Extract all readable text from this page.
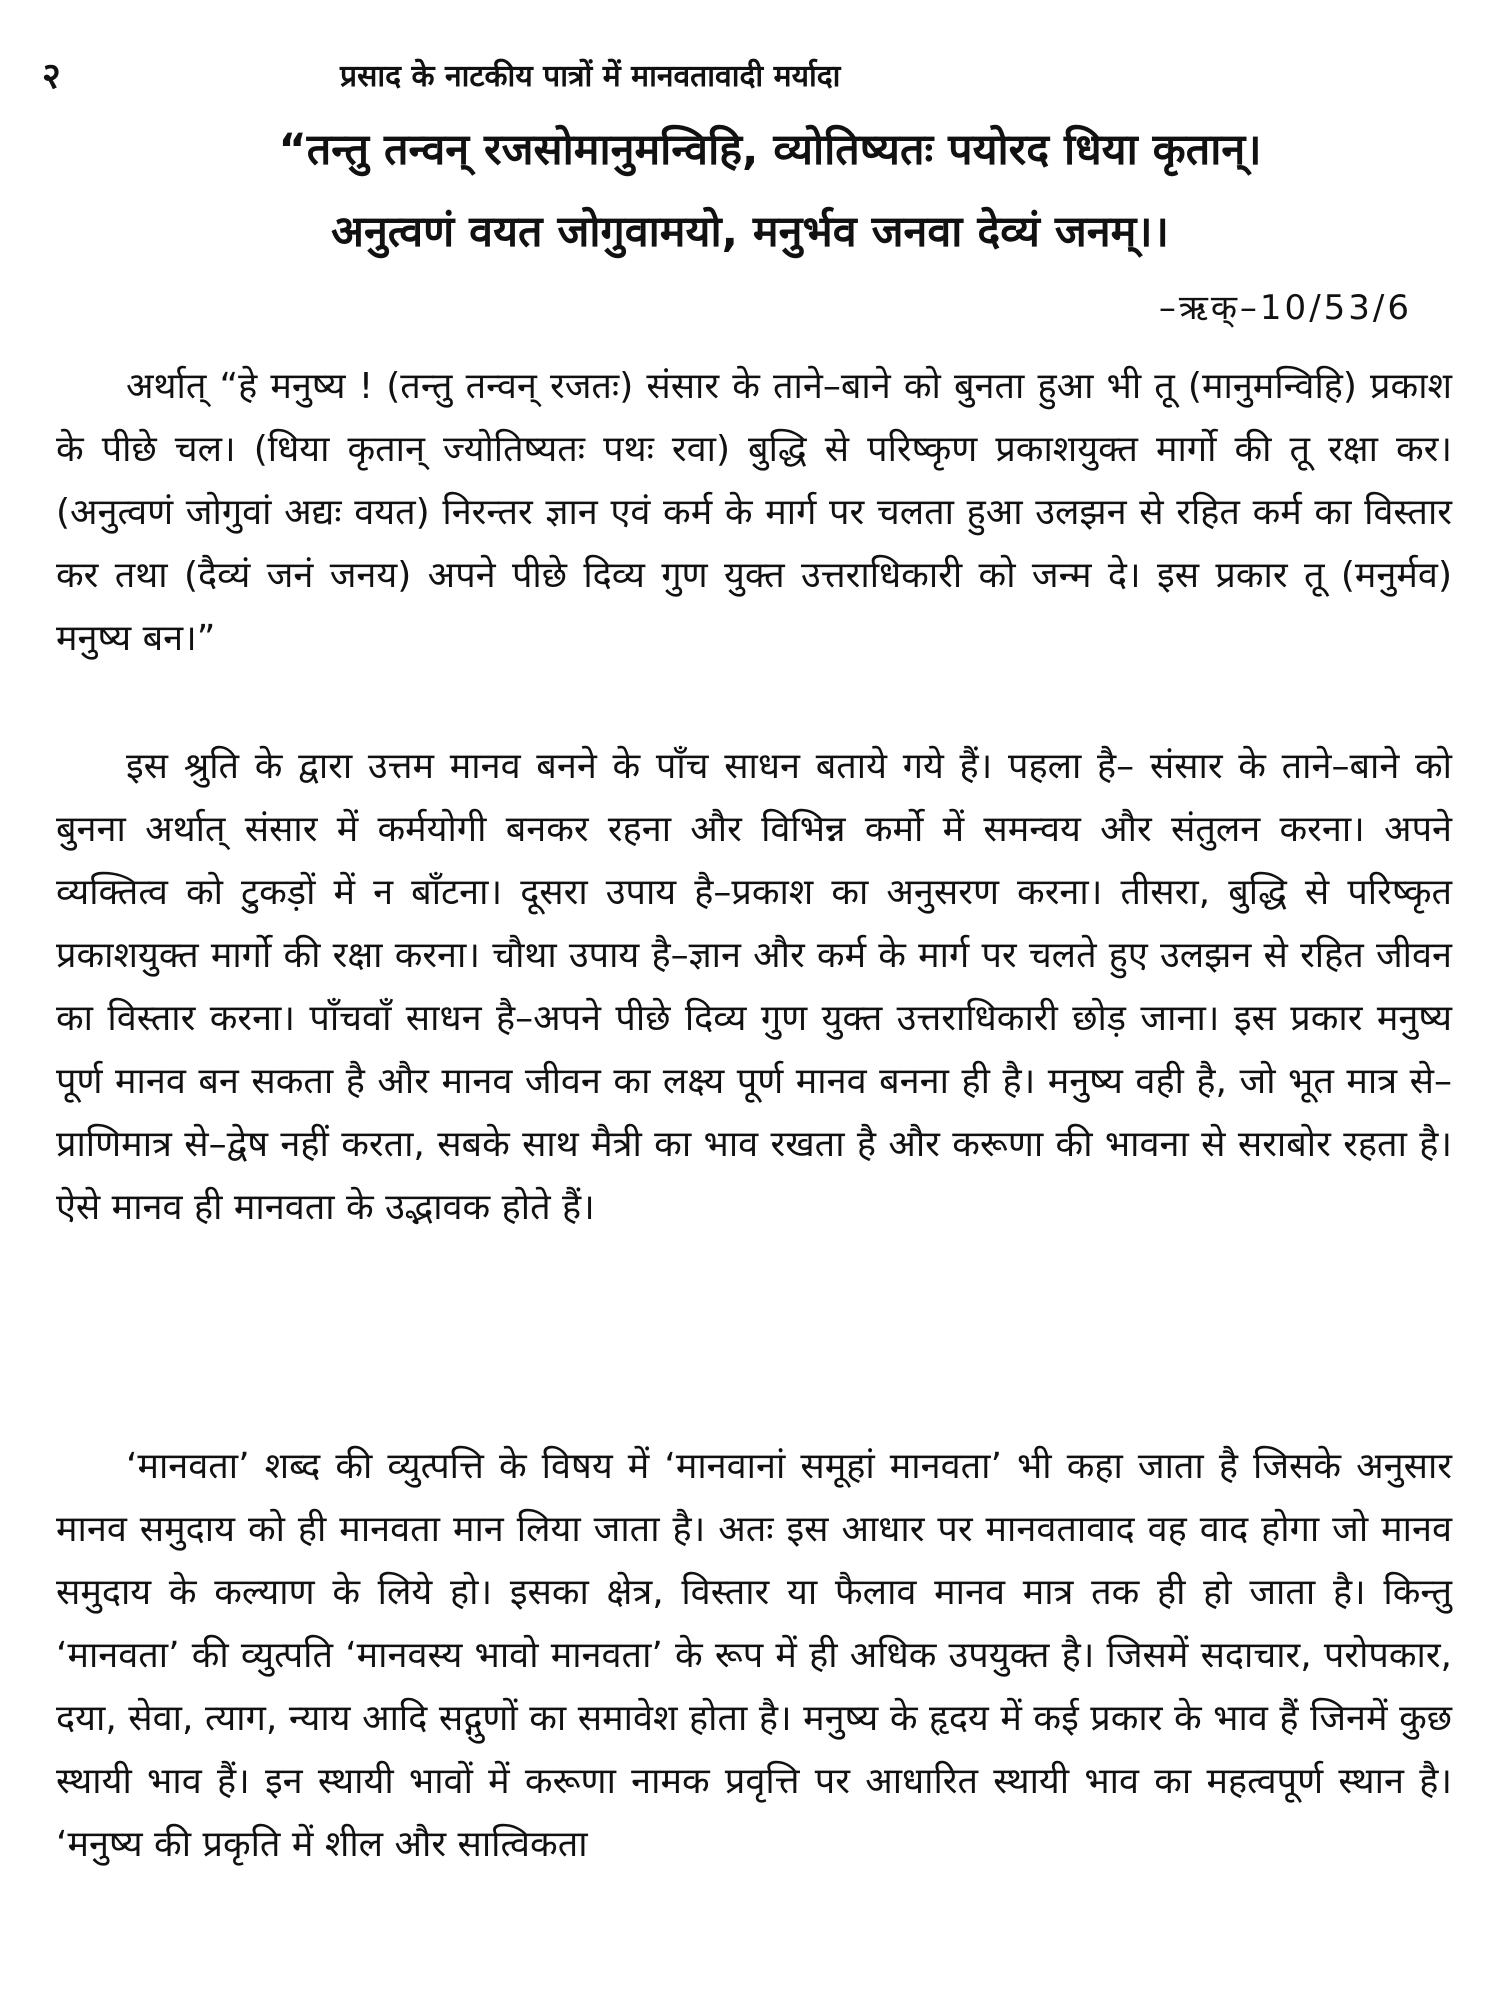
२	प्रसाद के नाटकीय पात्रों में मानवतावादी मर्यादा
“तन्तु तन्वन् रजसोमानुमन्विहि, व्योतिष्यतः पयोरद धिया कृतान्।
अनुत्वणं वयत जोगुवामयो, मनुर्भव जनवा देव्यं जनम्।।
–ऋक्–10/53/6

अर्थात् “हे मनुष्य ! (तन्तु तन्वन् रजतः) संसार के ताने–बाने को बुनता हुआ भी तू (मानुमन्विहि) प्रकाश के पीछे चल। (धिया कृतान् ज्योतिष्यतः पथः रवा) बुद्धि से परिष्कृण प्रकाशयुक्त मार्गो की तू रक्षा कर। (अनुत्वणं जोगुवां अद्यः वयत) निरन्तर ज्ञान एवं कर्म के मार्ग पर चलता हुआ उलझन से रहित कर्म का विस्तार कर तथा (दैव्यं जनं जनय) अपने पीछे दिव्य गुण युक्त उत्तराधिकारी को जन्म दे। इस प्रकार तू (मनुर्मव) मनुष्य बन।”

इस श्रुति के द्वारा उत्तम मानव बनने के पाँच साधन बताये गये हैं। पहला है– संसार के ताने–बाने को बुनना अर्थात् संसार में कर्मयोगी बनकर रहना और विभिन्न कर्मो में समन्वय और संतुलन करना। अपने व्यक्तित्व को टुकड़ों में न बाँटना। दूसरा उपाय है–प्रकाश का अनुसरण करना। तीसरा, बुद्धि से परिष्कृत प्रकाशयुक्त मार्गो की रक्षा करना। चौथा उपाय है–ज्ञान और कर्म के मार्ग पर चलते हुए उलझन से रहित जीवन का विस्तार करना। पाँचवाँ साधन है–अपने पीछे दिव्य गुण युक्त उत्तराधिकारी छोड़ जाना। इस प्रकार मनुष्य पूर्ण मानव बन सकता है और मानव जीवन का लक्ष्य पूर्ण मानव बनना ही है। मनुष्य वही है, जो भूत मात्र से–प्राणिमात्र से–द्वेष नहीं करता, सबके साथ मैत्री का भाव रखता है और करूणा की भावना से सराबोर रहता है। ऐसे मानव ही मानवता के उद्भावक होते हैं।

‘मानवता’ शब्द की व्युत्पत्ति के विषय में ‘मानवानां समूहां मानवता’ भी कहा जाता है जिसके अनुसार मानव समुदाय को ही मानवता मान लिया जाता है। अतः इस आधार पर मानवतावाद वह वाद होगा जो मानव समुदाय के कल्याण के लिये हो। इसका क्षेत्र, विस्तार या फैलाव मानव मात्र तक ही हो जाता है। किन्तु ‘मानवता’ की व्युत्पति ‘मानवस्य भावो मानवता’ के रूप में ही अधिक उपयुक्त है। जिसमें सदाचार, परोपकार, दया, सेवा, त्याग, न्याय आदि सद्गुणों का समावेश होता है। मनुष्य के हृदय में कई प्रकार के भाव हैं जिनमें कुछ स्थायी भाव हैं। इन स्थायी भावों में करूणा नामक प्रवृत्ति पर आधारित स्थायी भाव का महत्वपूर्ण स्थान है। ‘मनुष्य की प्रकृति में शील और सात्विकता
